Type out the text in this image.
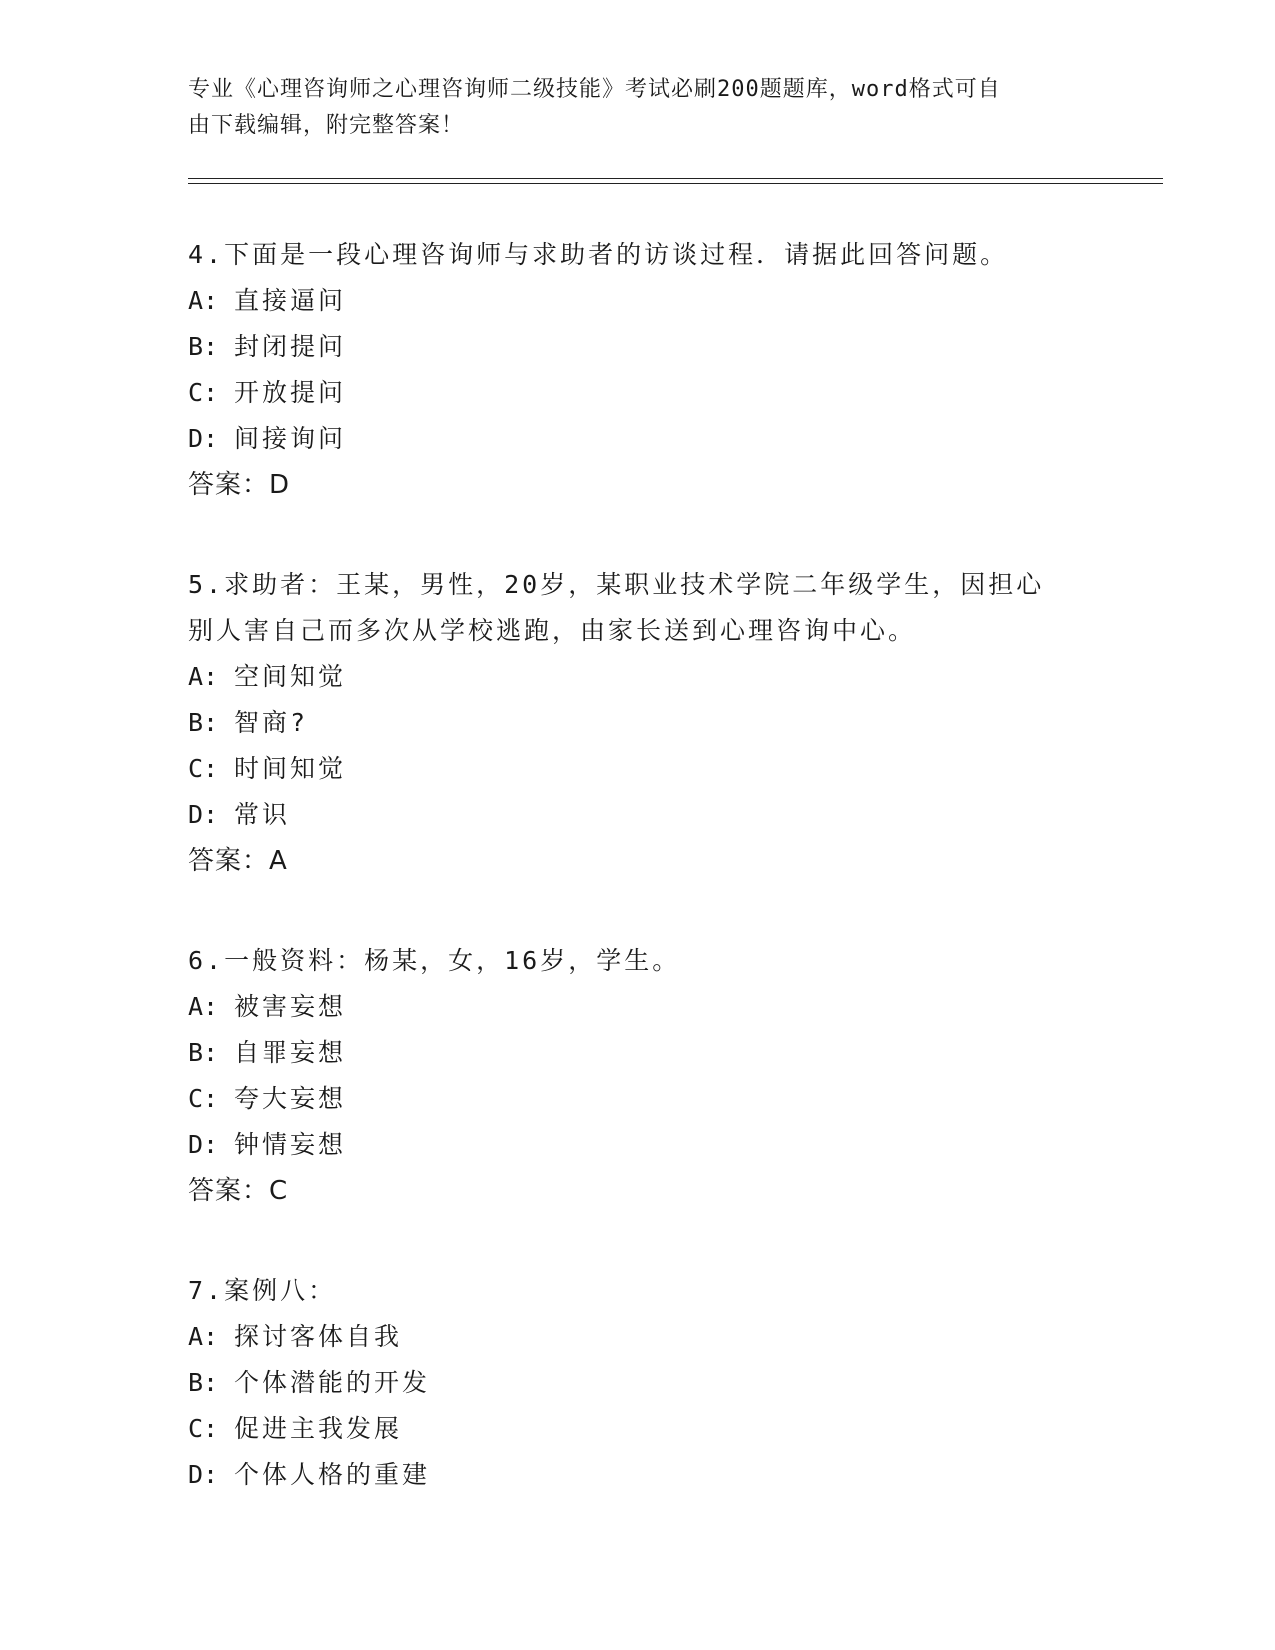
专业《心理咨询师之心理咨询师二级技能》考试必刷200题题库，word格式可自
由下载编辑，附完整答案！
4.下面是一段心理咨询师与求助者的访谈过程．请据此回答问题。
A: 直接逼问
B: 封闭提问
C: 开放提问
D: 间接询问
答案：D
5.求助者：王某，男性，20岁，某职业技术学院二年级学生，因担心别人害自己而多次从学校逃跑，由家长送到心理咨询中心。
A: 空间知觉
B: 智商?
C: 时间知觉
D: 常识
答案：A
6.一般资料：杨某，女，16岁，学生。
A: 被害妄想
B: 自罪妄想
C: 夸大妄想
D: 钟情妄想
答案：C
7.案例八：
A: 探讨客体自我
B: 个体潜能的开发
C: 促进主我发展
D: 个体人格的重建
